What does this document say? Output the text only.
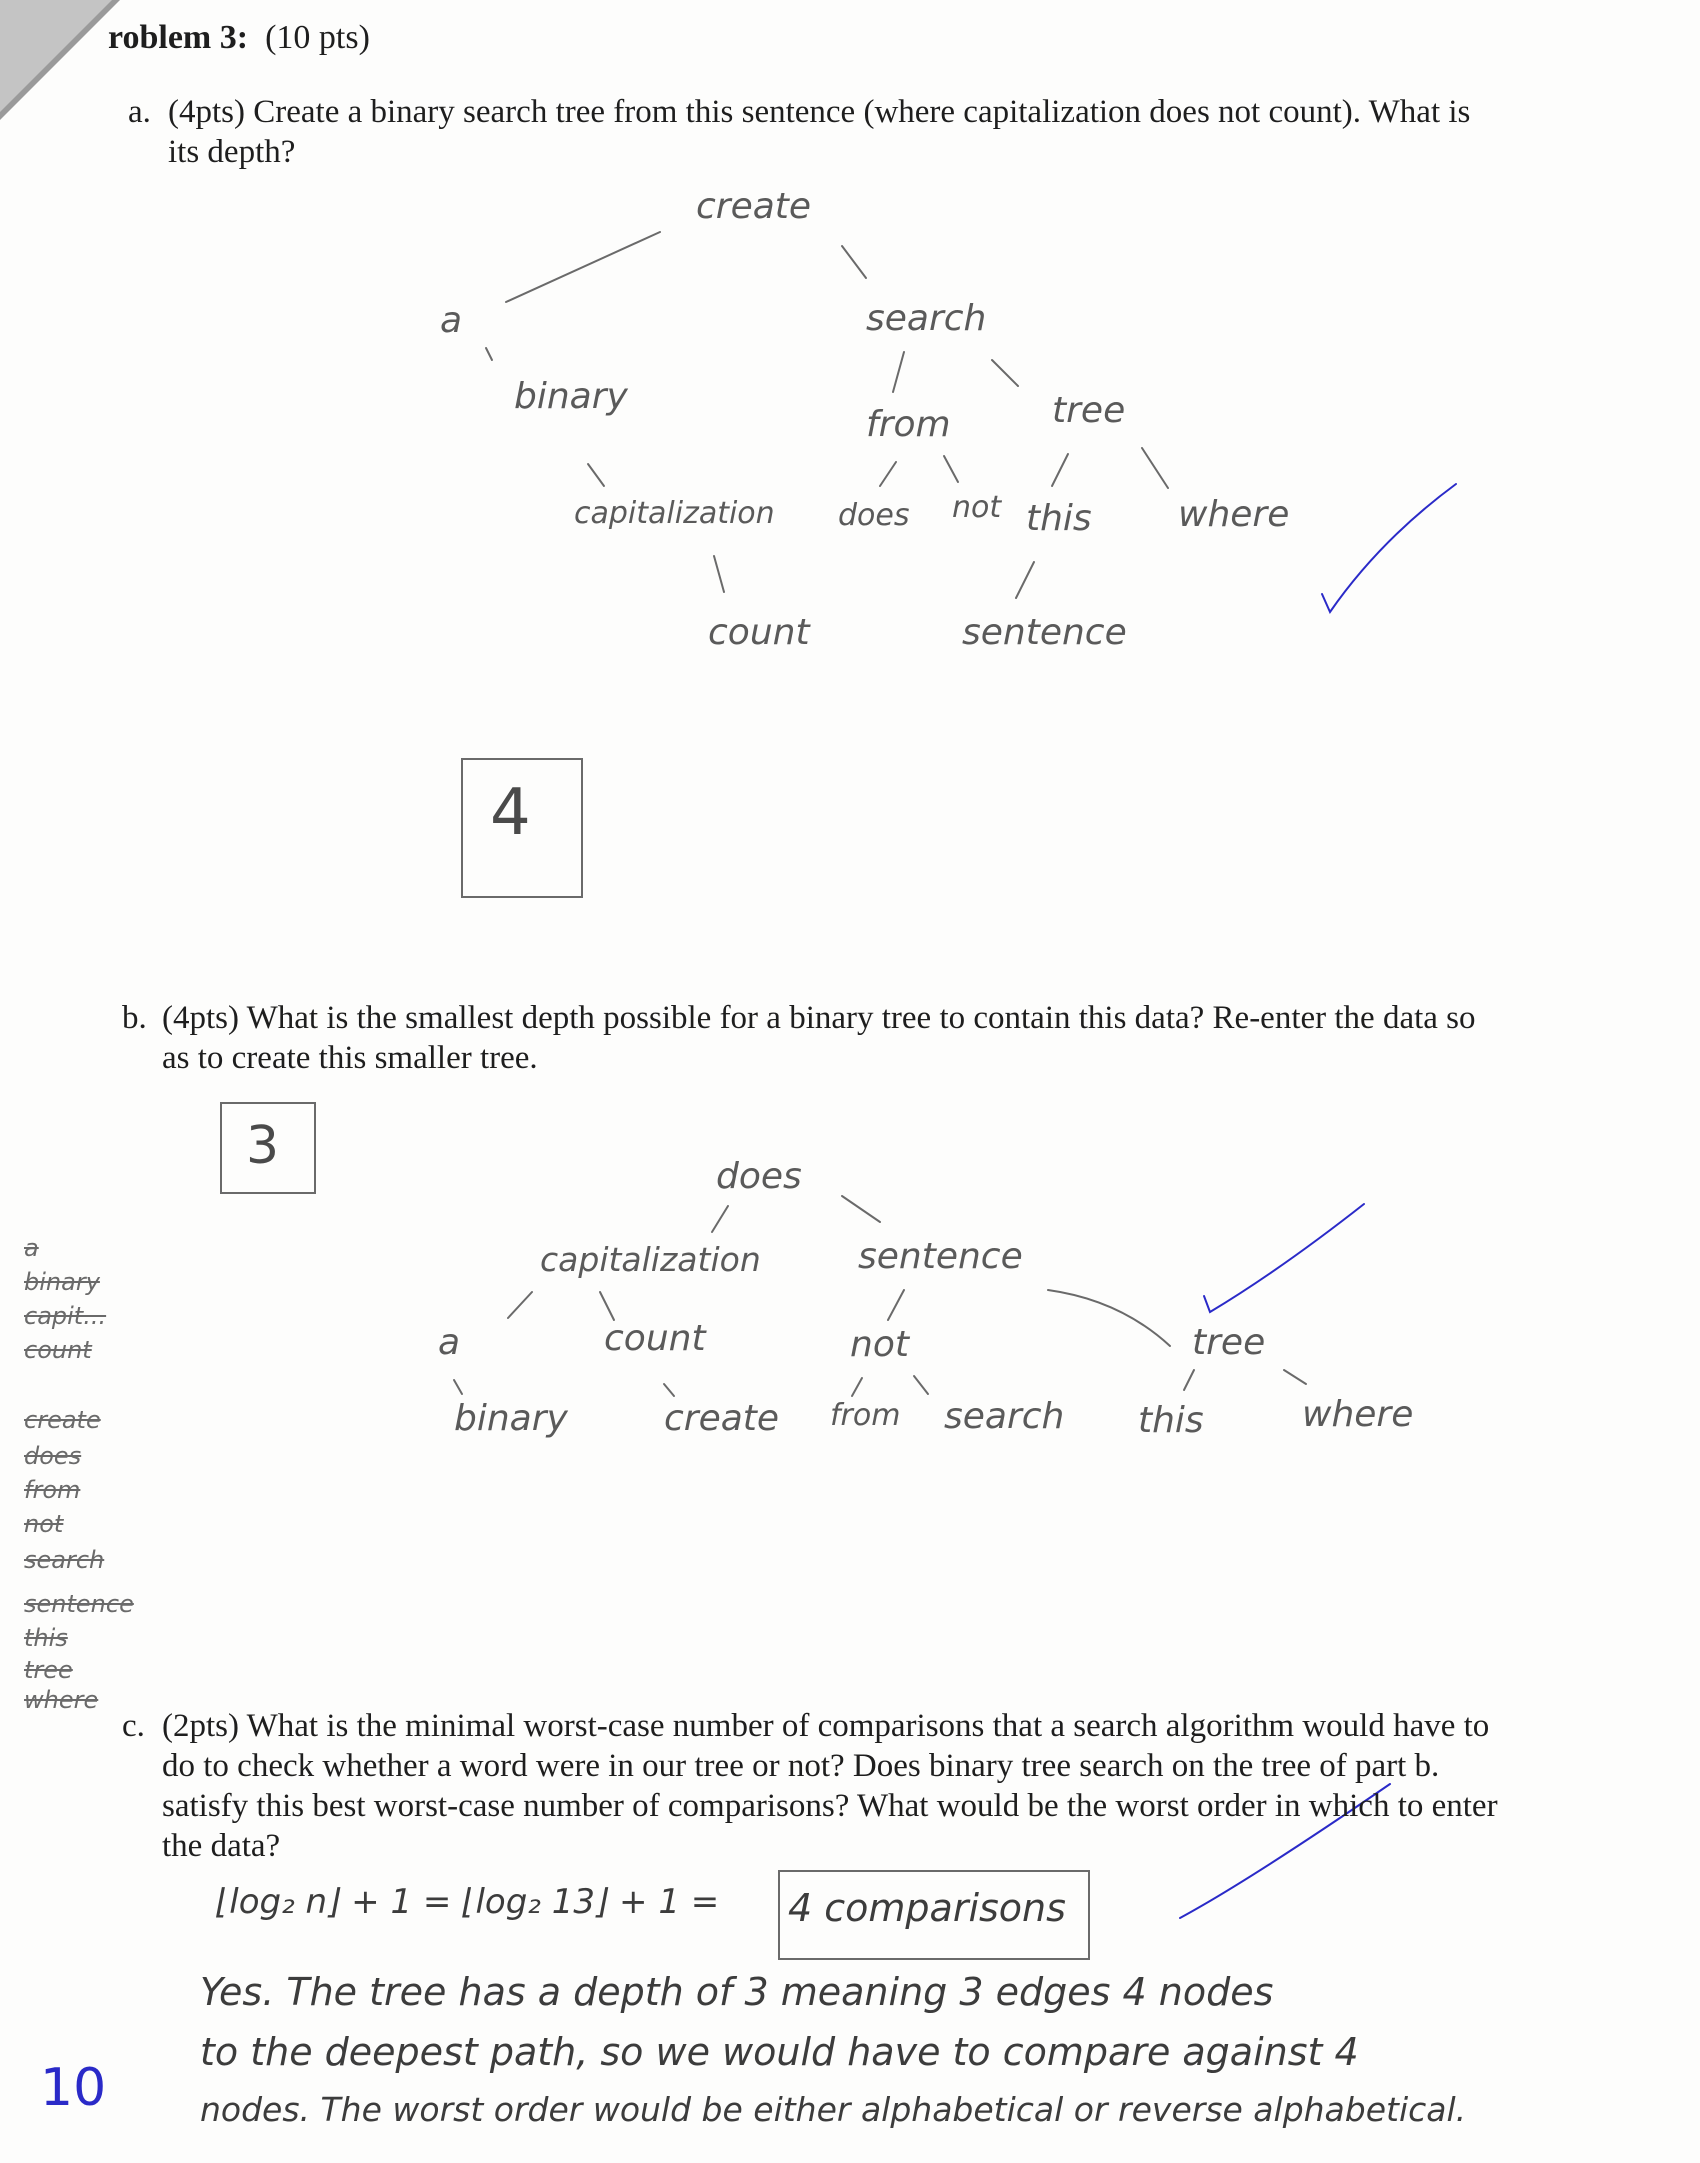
roblem 3: (10 pts)

a. (4pts) Create a binary search tree from this sentence (where capitalization does not count). What is its depth?

create
a	search
binary
from	tree
capitalization does not this where
count	sentence
4

b. (4pts) What is the smallest depth possible for a binary tree to contain this data? Re-enter the data so as to create this smaller tree.

3
does
capitalization	sentence
a	count	not	tree
binary	create from search this	where
a
binary
capit...
count
create
does
from
not
search
sentence
this
tree
where

c. (2pts) What is the minimal worst-case number of comparisons that a search algorithm would have to do to check whether a word were in our tree or not? Does binary tree search on the tree of part b. satisfy this best worst-case number of comparisons? What would be the worst order in which to enter the data?

⌊log₂ n⌋ + 1 = ⌊log₂ 13⌋ + 1 = 4 comparisons
Yes. The tree has a depth of 3 meaning 3 edges 4 nodes
to the deepest path, so we would have to compare against 4
nodes. The worst order would be either alphabetical or reverse alphabetical.
10
